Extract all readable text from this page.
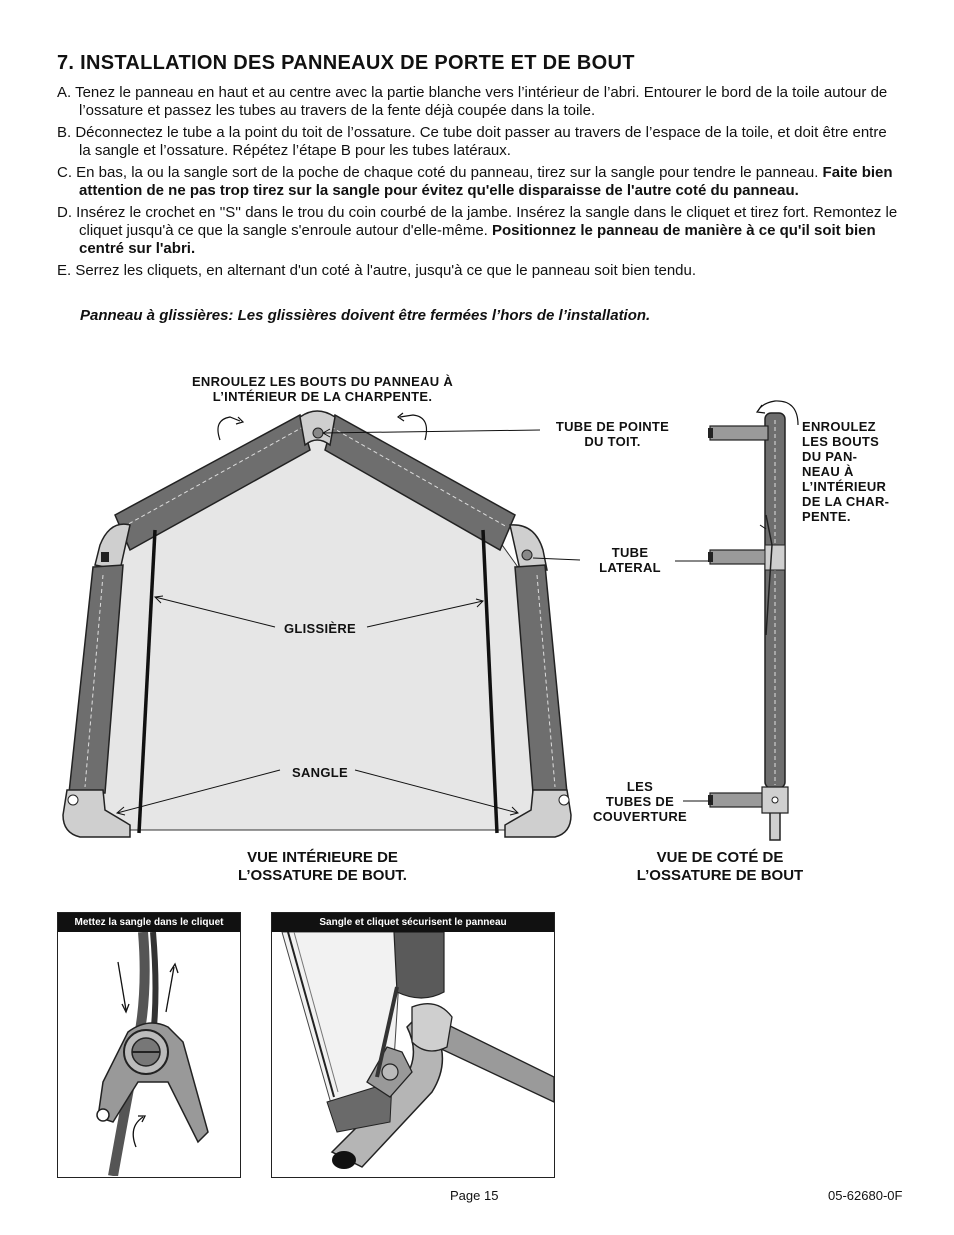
7. INSTALLATION DES PANNEAUX DE PORTE ET DE BOUT

A. Tenez le panneau en haut et au centre avec la partie blanche vers l’intérieur de l’abri. Entourer le bord de la toile autour de l’ossature et passez les tubes au travers de la fente déjà coupée dans la toile.

B. Déconnectez le tube a la point du toit de l’ossature. Ce tube doit passer au travers de l’espace de la toile, et doit être entre la sangle et l’ossature. Répétez l’étape B pour les tubes latéraux.

C. En bas, la ou la sangle sort de la poche de chaque coté du panneau, tirez sur la sangle pour tendre le panneau. Faite bien attention de ne pas trop tirez sur la sangle pour évitez qu'elle disparaisse de l'autre coté du panneau.

D. Insérez le crochet en ''S'' dans le trou du coin courbé de la jambe. Insérez la sangle dans le cliquet et tirez fort. Remontez le cliquet jusqu'à ce que la sangle s'enroule autour d'elle-même. Positionnez le panneau de manière à ce qu'il soit bien centré sur l'abri.

E. Serrez les cliquets, en alternant d'un coté à l'autre, jusqu'à ce que le panneau soit bien tendu.

Panneau à glissières: Les glissières doivent être fermées l’hors de l’installation.
ENROULEZ LES BOUTS DU PANNEAU À
L’INTÉRIEUR DE LA CHARPENTE.
GLISSIÈRE
SANGLE
TUBE DE POINTE
DU TOIT.
TUBE
LATERAL
LES
TUBES DE
COUVERTURE
ENROULEZ
LES BOUTS
DU PAN-
NEAU À
L’INTÉRIEUR
DE LA CHAR-
PENTE.
VUE INTÉRIEURE DE
L’OSSATURE DE BOUT.
VUE DE COTÉ DE
L’OSSATURE DE BOUT
Mettez la sangle dans le cliquet	Sangle et cliquet sécurisent le panneau
Page 15	05-62680-0F
